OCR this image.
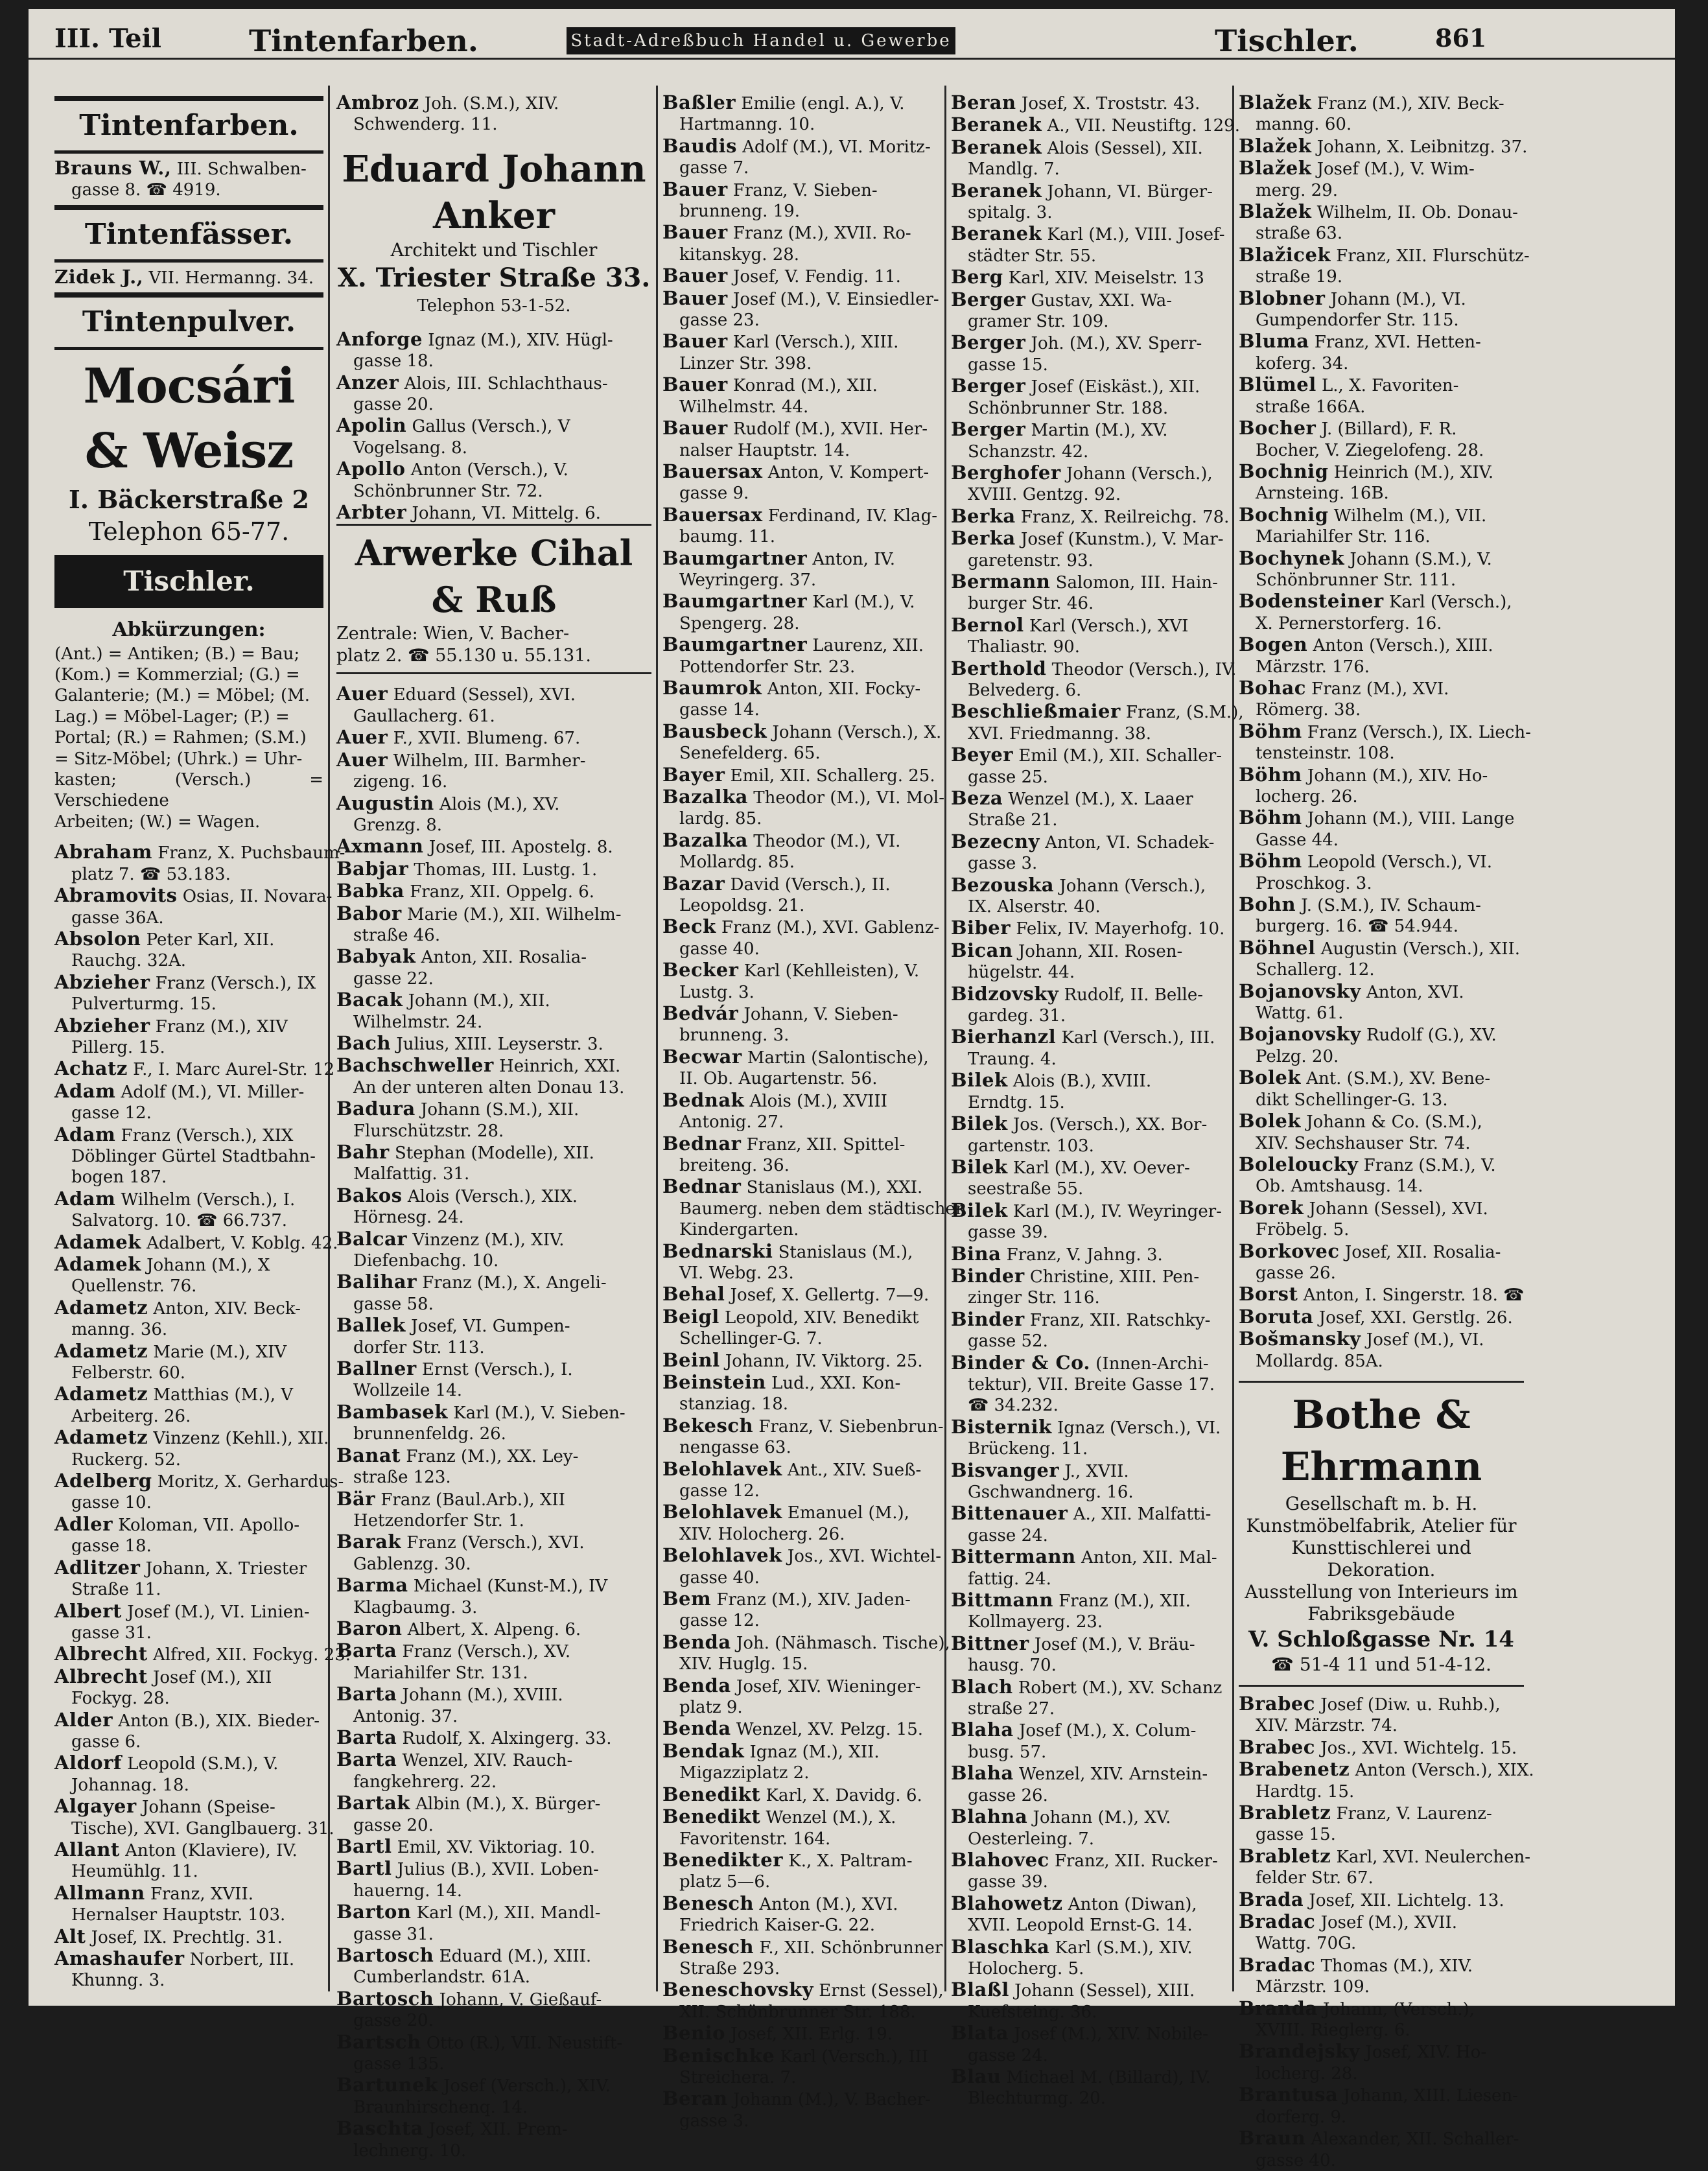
III. Teil	Tintenfarben.	Stadt-Adreßbuch Handel u. Gewerbe	Tischler.	861
Tintenfarben.
Brauns W., III. Schwalben-
gasse 8. ☎ 4919.
Tintenfässer.
Zidek J., VII. Hermanng. 34.
Tintenpulver.
Mocsári & Weisz
I. Bäckerstraße 2
Telephon 65-77.
Tischler.
Abkürzungen:
(Ant.) = Antiken; (B.) = Bau;
(Kom.) = Kommerzial; (G.) =
Galanterie; (M.) = Möbel; (M.
Lag.) = Möbel-Lager; (P.) =
Portal; (R.) = Rahmen; (S.M.)
= Sitz-Möbel; (Uhrk.) = Uhr-
kasten; (Versch.) = Verschiedene
Arbeiten; (W.) = Wagen.
Abraham Franz, X. Puchsbaum-
platz 7. ☎ 53.183.
Abramovits Osias, II. Novara-
gasse 36A.
Absolon Peter Karl, XII.
Rauchg. 32A.
Abzieher Franz (Versch.), IX
Pulverturmg. 15.
Abzieher Franz (M.), XIV
Pillerg. 15.
Achatz F., I. Marc Aurel-Str. 12
Adam Adolf (M.), VI. Miller-
gasse 12.
Adam Franz (Versch.), XIX
Döblinger Gürtel Stadtbahn-
bogen 187.
Adam Wilhelm (Versch.), I.
Salvatorg. 10. ☎ 66.737.
Adamek Adalbert, V. Koblg. 42.
Adamek Johann (M.), X
Quellenstr. 76.
Adametz Anton, XIV. Beck-
manng. 36.
Adametz Marie (M.), XIV
Felberstr. 60.
Adametz Matthias (M.), V
Arbeiterg. 26.
Adametz Vinzenz (Kehll.), XII.
Ruckerg. 52.
Adelberg Moritz, X. Gerhardus-
gasse 10.
Adler Koloman, VII. Apollo-
gasse 18.
Adlitzer Johann, X. Triester
Straße 11.
Albert Josef (M.), VI. Linien-
gasse 31.
Albrecht Alfred, XII. Fockyg. 23.
Albrecht Josef (M.), XII
Fockyg. 28.
Alder Anton (B.), XIX. Bieder-
gasse 6.
Aldorf Leopold (S.M.), V.
Johannag. 18.
Algayer Johann (Speise-
Tische), XVI. Ganglbauerg. 31.
Allant Anton (Klaviere), IV.
Heumühlg. 11.
Allmann Franz, XVII.
Hernalser Hauptstr. 103.
Alt Josef, IX. Prechtlg. 31.
Amashaufer Norbert, III.
Khunng. 3.
Ambroz Joh. (S.M.), XIV.
Schwenderg. 11.
Eduard Johann Anker
Architekt und Tischler
X. Triester Straße 33.
Telephon 53-1-52.
Anforge Ignaz (M.), XIV. Hügl-
gasse 18.
Anzer Alois, III. Schlachthaus-
gasse 20.
Apolin Gallus (Versch.), V
Vogelsang. 8.
Apollo Anton (Versch.), V.
Schönbrunner Str. 72.
Arbter Johann, VI. Mittelg. 6.
Arwerke Cihal & Ruß
Zentrale: Wien, V. Bacher-
platz 2. ☎ 55.130 u. 55.131.
Auer Eduard (Sessel), XVI.
Gaullacherg. 61.
Auer F., XVII. Blumeng. 67.
Auer Wilhelm, III. Barmher-
zigeng. 16.
Augustin Alois (M.), XV.
Grenzg. 8.
Axmann Josef, III. Apostelg. 8.
Babjar Thomas, III. Lustg. 1.
Babka Franz, XII. Oppelg. 6.
Babor Marie (M.), XII. Wilhelm-
straße 46.
Babyak Anton, XII. Rosalia-
gasse 22.
Bacak Johann (M.), XII.
Wilhelmstr. 24.
Bach Julius, XIII. Leyserstr. 3.
Bachschweller Heinrich, XXI.
An der unteren alten Donau 13.
Badura Johann (S.M.), XII.
Flurschützstr. 28.
Bahr Stephan (Modelle), XII.
Malfattig. 31.
Bakos Alois (Versch.), XIX.
Hörnesg. 24.
Balcar Vinzenz (M.), XIV.
Diefenbachg. 10.
Balihar Franz (M.), X. Angeli-
gasse 58.
Ballek Josef, VI. Gumpen-
dorfer Str. 113.
Ballner Ernst (Versch.), I.
Wollzeile 14.
Bambasek Karl (M.), V. Sieben-
brunnenfeldg. 26.
Banat Franz (M.), XX. Ley-
straße 123.
Bär Franz (Baul.Arb.), XII
Hetzendorfer Str. 1.
Barak Franz (Versch.), XVI.
Gablenzg. 30.
Barma Michael (Kunst-M.), IV
Klagbaumg. 3.
Baron Albert, X. Alpeng. 6.
Barta Franz (Versch.), XV.
Mariahilfer Str. 131.
Barta Johann (M.), XVIII.
Antonig. 37.
Barta Rudolf, X. Alxingerg. 33.
Barta Wenzel, XIV. Rauch-
fangkehrerg. 22.
Bartak Albin (M.), X. Bürger-
gasse 20.
Bartl Emil, XV. Viktoriag. 10.
Bartl Julius (B.), XVII. Loben-
hauerng. 14.
Barton Karl (M.), XII. Mandl-
gasse 31.
Bartosch Eduard (M.), XIII.
Cumberlandstr. 61A.
Bartosch Johann, V. Gießauf-
gasse 20.
Bartsch Otto (R.), VII. Neustift-
gasse 135.
Bartunek Josef (Versch.), XIV.
Braunhirschenq. 14.
Baschta Josef, XII. Prem-
lechnerg. 10.
Baßler Emilie (engl. A.), V.
Hartmanng. 10.
Baudis Adolf (M.), VI. Moritz-
gasse 7.
Bauer Franz, V. Sieben-
brunneng. 19.
Bauer Franz (M.), XVII. Ro-
kitanskyg. 28.
Bauer Josef, V. Fendig. 11.
Bauer Josef (M.), V. Einsiedler-
gasse 23.
Bauer Karl (Versch.), XIII.
Linzer Str. 398.
Bauer Konrad (M.), XII.
Wilhelmstr. 44.
Bauer Rudolf (M.), XVII. Her-
nalser Hauptstr. 14.
Bauersax Anton, V. Kompert-
gasse 9.
Bauersax Ferdinand, IV. Klag-
baumg. 11.
Baumgartner Anton, IV.
Weyringerg. 37.
Baumgartner Karl (M.), V.
Spengerg. 28.
Baumgartner Laurenz, XII.
Pottendorfer Str. 23.
Baumrok Anton, XII. Focky-
gasse 14.
Bausbeck Johann (Versch.), X.
Senefelderg. 65.
Bayer Emil, XII. Schallerg. 25.
Bazalka Theodor (M.), VI. Mol-
lardg. 85.
Bazalka Theodor (M.), VI.
Mollardg. 85.
Bazar David (Versch.), II.
Leopoldsg. 21.
Beck Franz (M.), XVI. Gablenz-
gasse 40.
Becker Karl (Kehlleisten), V.
Lustg. 3.
Bedvár Johann, V. Sieben-
brunneng. 3.
Becwar Martin (Salontische),
II. Ob. Augartenstr. 56.
Bednak Alois (M.), XVIII
Antonig. 27.
Bednar Franz, XII. Spittel-
breiteng. 36.
Bednar Stanislaus (M.), XXI.
Baumerg. neben dem städtischen
Kindergarten.
Bednarski Stanislaus (M.),
VI. Webg. 23.
Behal Josef, X. Gellertg. 7—9.
Beigl Leopold, XIV. Benedikt
Schellinger-G. 7.
Beinl Johann, IV. Viktorg. 25.
Beinstein Lud., XXI. Kon-
stanziag. 18.
Bekesch Franz, V. Siebenbrun-
nengasse 63.
Belohlavek Ant., XIV. Sueß-
gasse 12.
Belohlavek Emanuel (M.),
XIV. Holocherg. 26.
Belohlavek Jos., XVI. Wichtel-
gasse 40.
Bem Franz (M.), XIV. Jaden-
gasse 12.
Benda Joh. (Nähmasch. Tische),
XIV. Huglg. 15.
Benda Josef, XIV. Wieninger-
platz 9.
Benda Wenzel, XV. Pelzg. 15.
Bendak Ignaz (M.), XII.
Migazziplatz 2.
Benedikt Karl, X. Davidg. 6.
Benedikt Wenzel (M.), X.
Favoritenstr. 164.
Benedikter K., X. Paltram-
platz 5—6.
Benesch Anton (M.), XVI.
Friedrich Kaiser-G. 22.
Benesch F., XII. Schönbrunner
Straße 293.
Beneschovsky Ernst (Sessel),
XII. Schönbrunner Str. 188.
Benio Josef, XII. Erlg. 19.
Benischke Karl (Versch.), III
Streichera. 7.
Beran Johann (M.), V. Bacher-
gasse 3.
Beran Josef, X. Troststr. 43.
Beranek A., VII. Neustiftg. 129.
Beranek Alois (Sessel), XII.
Mandlg. 7.
Beranek Johann, VI. Bürger-
spitalg. 3.
Beranek Karl (M.), VIII. Josef-
städter Str. 55.
Berg Karl, XIV. Meiselstr. 13
Berger Gustav, XXI. Wa-
gramer Str. 109.
Berger Joh. (M.), XV. Sperr-
gasse 15.
Berger Josef (Eiskäst.), XII.
Schönbrunner Str. 188.
Berger Martin (M.), XV.
Schanzstr. 42.
Berghofer Johann (Versch.),
XVIII. Gentzg. 92.
Berka Franz, X. Reilreichg. 78.
Berka Josef (Kunstm.), V. Mar-
garetenstr. 93.
Bermann Salomon, III. Hain-
burger Str. 46.
Bernol Karl (Versch.), XVI
Thaliastr. 90.
Berthold Theodor (Versch.), IV.
Belvederg. 6.
Beschließmaier Franz, (S.M.),
XVI. Friedmanng. 38.
Beyer Emil (M.), XII. Schaller-
gasse 25.
Beza Wenzel (M.), X. Laaer
Straße 21.
Bezecny Anton, VI. Schadek-
gasse 3.
Bezouska Johann (Versch.),
IX. Alserstr. 40.
Biber Felix, IV. Mayerhofg. 10.
Bican Johann, XII. Rosen-
hügelstr. 44.
Bidzovsky Rudolf, II. Belle-
gardeg. 31.
Bierhanzl Karl (Versch.), III.
Traung. 4.
Bilek Alois (B.), XVIII.
Erndtg. 15.
Bilek Jos. (Versch.), XX. Bor-
gartenstr. 103.
Bilek Karl (M.), XV. Oever-
seestraße 55.
Bilek Karl (M.), IV. Weyringer-
gasse 39.
Bina Franz, V. Jahng. 3.
Binder Christine, XIII. Pen-
zinger Str. 116.
Binder Franz, XII. Ratschky-
gasse 52.
Binder & Co. (Innen-Archi-
tektur), VII. Breite Gasse 17.
☎ 34.232.
Bisternik Ignaz (Versch.), VI.
Brückeng. 11.
Bisvanger J., XVII.
Gschwandnerg. 16.
Bittenauer A., XII. Malfatti-
gasse 24.
Bittermann Anton, XII. Mal-
fattig. 24.
Bittmann Franz (M.), XII.
Kollmayerg. 23.
Bittner Josef (M.), V. Bräu-
hausg. 70.
Blach Robert (M.), XV. Schanz
straße 27.
Blaha Josef (M.), X. Colum-
busg. 57.
Blaha Wenzel, XIV. Arnstein-
gasse 26.
Blahna Johann (M.), XV.
Oesterleing. 7.
Blahovec Franz, XII. Rucker-
gasse 39.
Blahowetz Anton (Diwan),
XVII. Leopold Ernst-G. 14.
Blaschka Karl (S.M.), XIV.
Holocherg. 5.
Blaßl Johann (Sessel), XIII.
Kuefsteing. 36.
Blata Josef (M.), XIV. Nobile-
gasse 24.
Blau Michael M. (Billard), IV.
Blechturmg. 20.
Blažek Franz (M.), XIV. Beck-
manng. 60.
Blažek Johann, X. Leibnitzg. 37.
Blažek Josef (M.), V. Wim-
merg. 29.
Blažek Wilhelm, II. Ob. Donau-
straße 63.
Blažicek Franz, XII. Flurschütz-
straße 19.
Blobner Johann (M.), VI.
Gumpendorfer Str. 115.
Bluma Franz, XVI. Hetten-
koferg. 34.
Blümel L., X. Favoriten-
straße 166A.
Bocher J. (Billard), F. R.
Bocher, V. Ziegelofeng. 28.
Bochnig Heinrich (M.), XIV.
Arnsteing. 16B.
Bochnig Wilhelm (M.), VII.
Mariahilfer Str. 116.
Bochynek Johann (S.M.), V.
Schönbrunner Str. 111.
Bodensteiner Karl (Versch.),
X. Pernerstorferg. 16.
Bogen Anton (Versch.), XIII.
Märzstr. 176.
Bohac Franz (M.), XVI.
Römerg. 38.
Böhm Franz (Versch.), IX. Liech-
tensteinstr. 108.
Böhm Johann (M.), XIV. Ho-
locherg. 26.
Böhm Johann (M.), VIII. Lange
Gasse 44.
Böhm Leopold (Versch.), VI.
Proschkog. 3.
Bohn J. (S.M.), IV. Schaum-
burgerg. 16. ☎ 54.944.
Böhnel Augustin (Versch.), XII.
Schallerg. 12.
Bojanovsky Anton, XVI.
Wattg. 61.
Bojanovsky Rudolf (G.), XV.
Pelzg. 20.
Bolek Ant. (S.M.), XV. Bene-
dikt Schellinger-G. 13.
Bolek Johann & Co. (S.M.),
XIV. Sechshauser Str. 74.
Boleloucky Franz (S.M.), V.
Ob. Amtshausg. 14.
Borek Johann (Sessel), XVI.
Fröbelg. 5.
Borkovec Josef, XII. Rosalia-
gasse 26.
Borst Anton, I. Singerstr. 18. ☎
Boruta Josef, XXI. Gerstlg. 26.
Bošmansky Josef (M.), VI.
Mollardg. 85A.
Bothe & Ehrmann
Gesellschaft m. b. H.
Kunstmöbelfabrik, Atelier für
Kunsttischlerei und Dekoration.
Ausstellung von Interieurs im
Fabriksgebäude
V. Schloßgasse Nr. 14
☎ 51-4 11 und 51-4-12.
Brabec Josef (Diw. u. Ruhb.),
XIV. Märzstr. 74.
Brabec Jos., XVI. Wichtelg. 15.
Brabenetz Anton (Versch.), XIX.
Hardtg. 15.
Brabletz Franz, V. Laurenz-
gasse 15.
Brabletz Karl, XVI. Neulerchen-
felder Str. 67.
Brada Josef, XII. Lichtelg. 13.
Bradac Josef (M.), XVII.
Wattg. 70G.
Bradac Thomas (M.), XIV.
Märzstr. 109.
Branda Johann, (Versch.),
XVIII. Rieglerg. 6.
Brandejsky Josef, XIV. Ho-
locherg. 28.
Brantusa Johann, XIII. Liesen-
dorferg. 9.
Braun Alexander, XII. Schaller-
gasse 40.
